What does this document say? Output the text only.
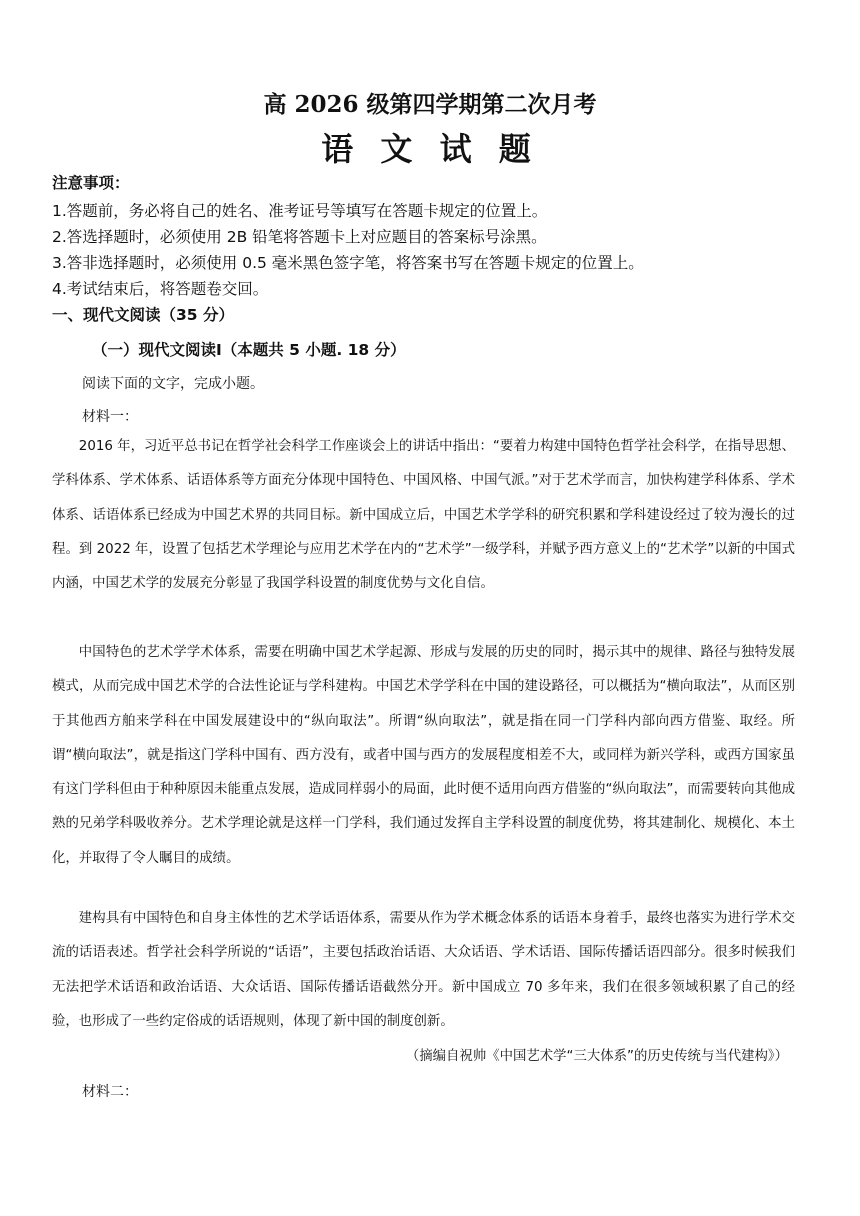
高 2026 级第四学期第二次月考
语 文 试 题
注意事项：
1.答题前，务必将自己的姓名、准考证号等填写在答题卡规定的位置上。
2.答选择题时，必须使用 2B 铅笔将答题卡上对应题目的答案标号涂黑。
3.答非选择题时，必须使用 0.5 毫米黑色签字笔，将答案书写在答题卡规定的位置上。
4.考试结束后，将答题卷交回。
一、现代文阅读（35 分）
（一）现代文阅读Ⅰ（本题共 5 小题. 18 分）
阅读下面的文字，完成小题。
材料一：

2016 年，习近平总书记在哲学社会科学工作座谈会上的讲话中指出：“要着力构建中国特色哲学社会科学，在指导思想、学科体系、学术体系、话语体系等方面充分体现中国特色、中国风格、中国气派。”对于艺术学而言，加快构建学科体系、学术体系、话语体系已经成为中国艺术界的共同目标。新中国成立后，中国艺术学学科的研究积累和学科建设经过了较为漫长的过程。到 2022 年，设置了包括艺术学理论与应用艺术学在内的“艺术学”一级学科，并赋予西方意义上的“艺术学”以新的中国式内涵，中国艺术学的发展充分彰显了我国学科设置的制度优势与文化自信。

中国特色的艺术学学术体系，需要在明确中国艺术学起源、形成与发展的历史的同时，揭示其中的规律、路径与独特发展模式，从而完成中国艺术学的合法性论证与学科建构。中国艺术学学科在中国的建设路径，可以概括为“横向取法”，从而区别于其他西方舶来学科在中国发展建设中的“纵向取法”。所谓“纵向取法”，就是指在同一门学科内部向西方借鉴、取经。所谓“横向取法”，就是指这门学科中国有、西方没有，或者中国与西方的发展程度相差不大，或同样为新兴学科，或西方国家虽有这门学科但由于种种原因未能重点发展，造成同样弱小的局面，此时便不适用向西方借鉴的“纵向取法”，而需要转向其他成熟的兄弟学科吸收养分。艺术学理论就是这样一门学科，我们通过发挥自主学科设置的制度优势，将其建制化、规模化、本土化，并取得了令人瞩目的成绩。

建构具有中国特色和自身主体性的艺术学话语体系，需要从作为学术概念体系的话语本身着手，最终也落实为进行学术交流的话语表述。哲学社会科学所说的“话语”，主要包括政治话语、大众话语、学术话语、国际传播话语四部分。很多时候我们无法把学术话语和政治话语、大众话语、国际传播话语截然分开。新中国成立 70 多年来，我们在很多领域积累了自己的经验，也形成了一些约定俗成的话语规则，体现了新中国的制度创新。

（摘编自祝帅《中国艺术学“三大体系”的历史传统与当代建构》）
材料二：
